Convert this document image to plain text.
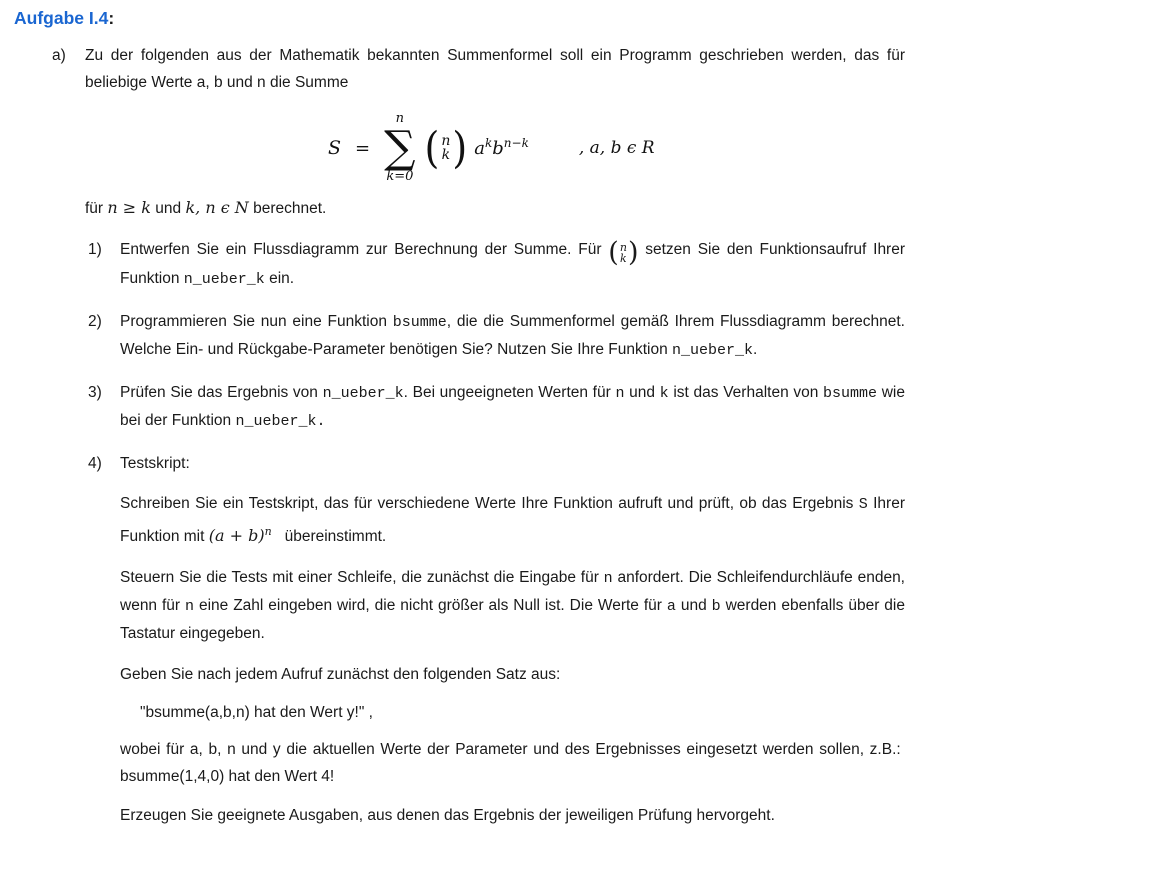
Aufgabe I.4:
a) Zu der folgenden aus der Mathematik bekannten Summenformel soll ein Programm geschrieben werden, das für beliebige Werte a, b und n die Summe
S =
n
∑
k=0
( n
k ) $a^kb^{n-k}$	, a, b ϵ R
für n ≥ k und k, n ϵ N berechnet.
1) Entwerfen Sie ein Flussdiagramm zur Berechnung der Summe. Für ( n
k ) setzen Sie den Funktionsaufruf Ihrer Funktion n_ueber_k ein.
2) Programmieren Sie nun eine Funktion bsumme, die die Summenformel gemäß Ihrem Flussdiagramm berechnet. Welche Ein- und Rückgabe-Parameter benötigen Sie? Nutzen Sie Ihre Funktion n_ueber_k.
3) Prüfen Sie das Ergebnis von n_ueber_k. Bei ungeeigneten Werten für n und k ist das Verhalten von bsumme wie bei der Funktion n_ueber_k.
4) Testskript:
Schreiben Sie ein Testskript, das für verschiedene Werte Ihre Funktion aufruft und prüft, ob das Ergebnis S Ihrer Funktion mit $(a + b)^n$   übereinstimmt.
Steuern Sie die Tests mit einer Schleife, die zunächst die Eingabe für n anfordert. Die Schleifendurchläufe enden, wenn für n eine Zahl eingeben wird, die nicht größer als Null ist. Die Werte für a und b werden ebenfalls über die Tastatur eingegeben.
Geben Sie nach jedem Aufruf zunächst den folgenden Satz aus:
"bsumme(a,b,n) hat den Wert y!" ,
wobei für a, b, n und y die aktuellen Werte der Parameter und des Ergebnisses eingesetzt werden sollen, z.B.:  bsumme(1,4,0) hat den Wert 4!
Erzeugen Sie geeignete Ausgaben, aus denen das Ergebnis der jeweiligen Prüfung hervorgeht.
